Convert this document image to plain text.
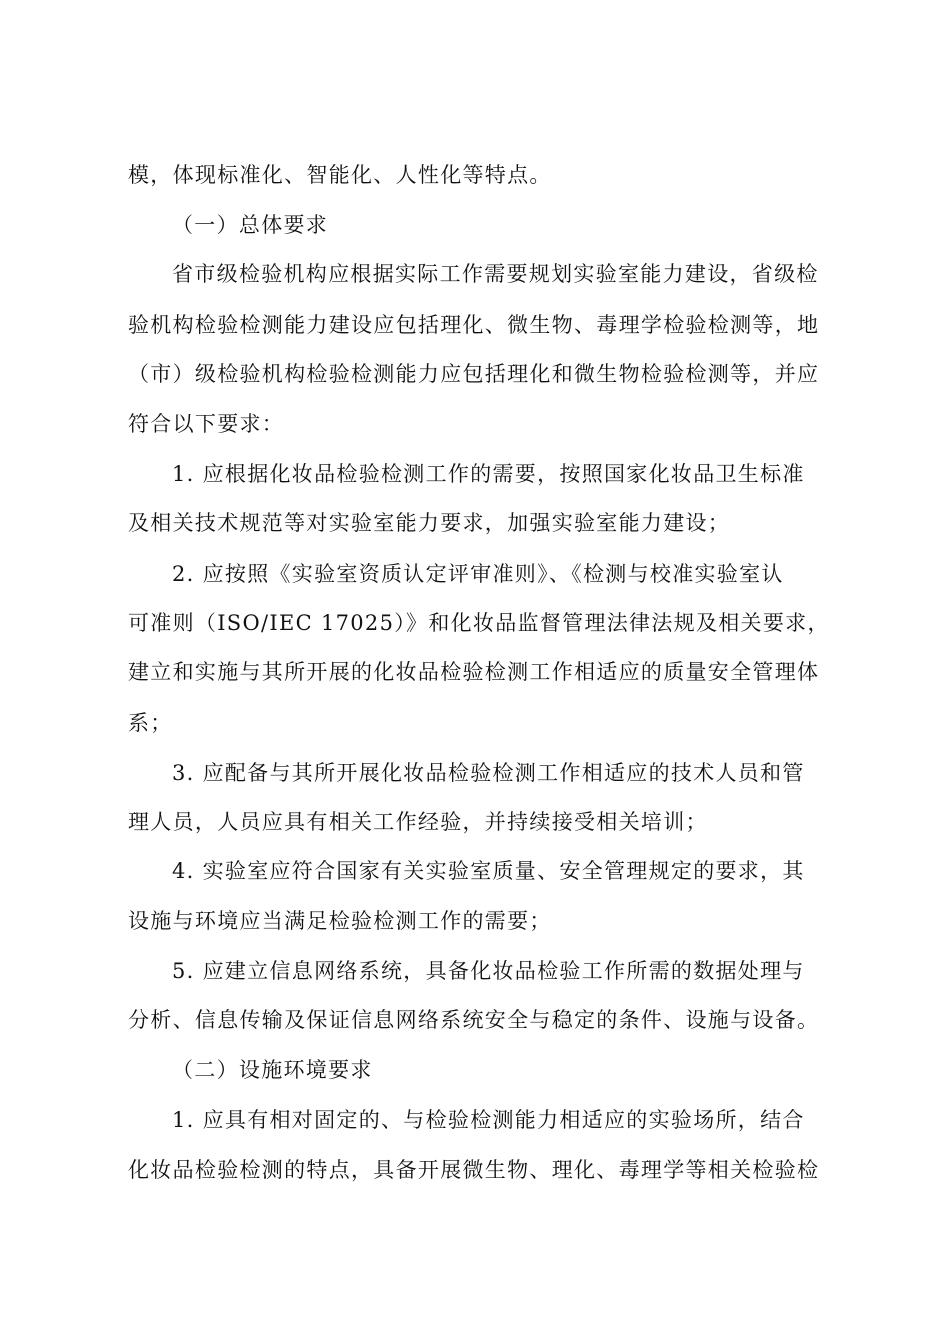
模，体现标准化、智能化、人性化等特点。
（一）总体要求
省市级检验机构应根据实际工作需要规划实验室能力建设，省级检
验机构检验检测能力建设应包括理化、微生物、毒理学检验检测等，地
（市）级检验机构检验检测能力应包括理化和微生物检验检测等，并应
符合以下要求：
1. 应根据化妆品检验检测工作的需要，按照国家化妆品卫生标准
及相关技术规范等对实验室能力要求，加强实验室能力建设；
2. 应按照《实验室资质认定评审准则》、《检测与校准实验室认
可准则（ISO/IEC 17025）》和化妆品监督管理法律法规及相关要求，
建立和实施与其所开展的化妆品检验检测工作相适应的质量安全管理体
系；
3. 应配备与其所开展化妆品检验检测工作相适应的技术人员和管
理人员，人员应具有相关工作经验，并持续接受相关培训；
4. 实验室应符合国家有关实验室质量、安全管理规定的要求，其
设施与环境应当满足检验检测工作的需要；
5. 应建立信息网络系统，具备化妆品检验工作所需的数据处理与
分析、信息传输及保证信息网络系统安全与稳定的条件、设施与设备。
（二）设施环境要求
1. 应具有相对固定的、与检验检测能力相适应的实验场所，结合
化妆品检验检测的特点，具备开展微生物、理化、毒理学等相关检验检
